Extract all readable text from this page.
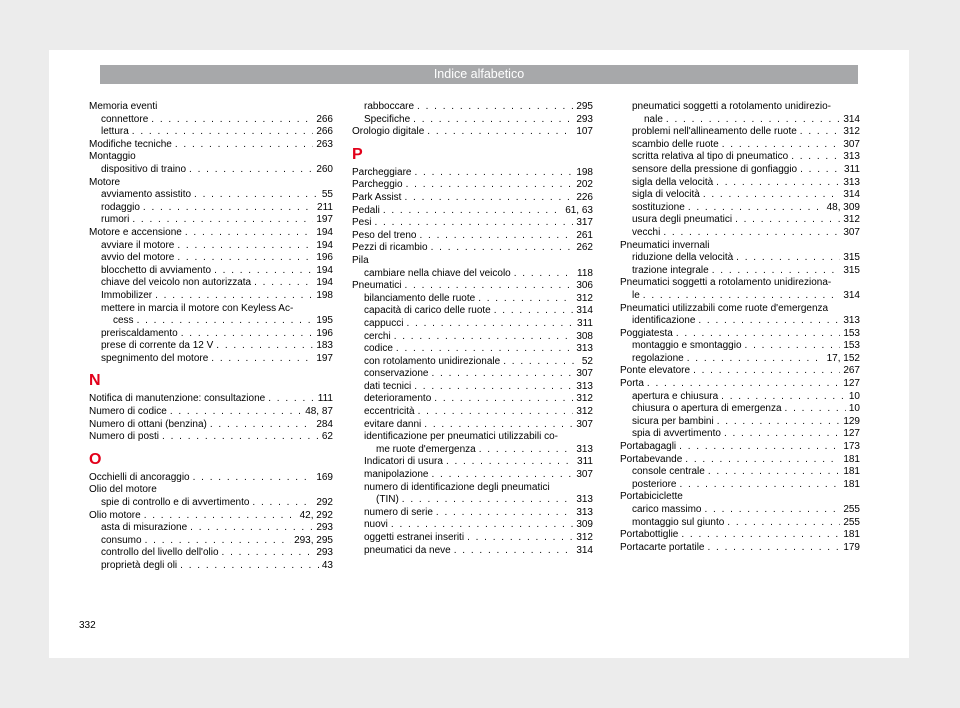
Indice alfabetico
Memoria eventi
connettore . . .	266
lettura . . .	266
Modifiche tecniche . . .	263
Montaggio
dispositivo di traino . . .	260
Motore
avviamento assistito . . .	55
rodaggio . . .	211
rumori . . .	197
Motore e accensione . . .	194
avviare il motore . . .	194
avvio del motore . . .	196
blocchetto di avviamento . . .	194
chiave del veicolo non autorizzata . . .	194
Immobilizer . . .	198
mettere in marcia il motore con Keyless Ac-
cess . . .	195
preriscaldamento . . .	196
prese di corrente da 12 V . . .	183
spegnimento del motore . . .	197
N
Notifica di manutenzione: consultazione . . .	111
Numero di codice . . .	48, 87
Numero di ottani (benzina) . . .	284
Numero di posti . . .	62
O
Occhielli di ancoraggio . . .	169
Olio del motore
spie di controllo e di avvertimento . . .	292
Olio motore . . .	42, 292
asta di misurazione . . .	293
consumo . . .	293, 295
controllo del livello dell'olio . . .	293
proprietà degli oli . . .	43
rabboccare . . .	295
Specifiche . . .	293
Orologio digitale . . .	107
P
Parcheggiare . . .	198
Parcheggio . . .	202
Park Assist . . .	226
Pedali . . .	61, 63
Pesi . . .	317
Peso del treno . . .	261
Pezzi di ricambio . . .	262
Pila
cambiare nella chiave del veicolo . . .	118
Pneumatici . . .	306
bilanciamento delle ruote . . .	312
capacità di carico delle ruote . . .	314
cappucci . . .	311
cerchi . . .	308
codice . . .	313
con rotolamento unidirezionale . . .	52
conservazione . . .	307
dati tecnici . . .	313
deterioramento . . .	312
eccentricità . . .	312
evitare danni . . .	307
identificazione per pneumatici utilizzabili co-
me ruote d'emergenza . . .	313
Indicatori di usura . . .	311
manipolazione . . .	307
numero di identificazione degli pneumatici
(TIN) . . .	313
numero di serie . . .	313
nuovi . . .	309
oggetti estranei inseriti . . .	312
pneumatici da neve . . .	314
pneumatici soggetti a rotolamento unidirezio-
nale . . .	314
problemi nell'allineamento delle ruote . . .	312
scambio delle ruote . . .	307
scritta relativa al tipo di pneumatico . . .	313
sensore della pressione di gonfiaggio . . .	311
sigla della velocità . . .	313
sigla di velocità . . .	314
sostituzione . . .	48, 309
usura degli pneumatici . . .	312
vecchi . . .	307
Pneumatici invernali
riduzione della velocità . . .	315
trazione integrale . . .	315
Pneumatici soggetti a rotolamento unidireziona-
le . . .	314
Pneumatici utilizzabili come ruote d'emergenza
identificazione . . .	313
Poggiatesta . . .	153
montaggio e smontaggio . . .	153
regolazione . . .	17, 152
Ponte elevatore . . .	267
Porta . . .	127
apertura e chiusura . . .	10
chiusura o apertura di emergenza . . .	10
sicura per bambini . . .	129
spia di avvertimento . . .	127
Portabagagli . . .	173
Portabevande . . .	181
console centrale . . .	181
posteriore . . .	181
Portabiciclette
carico massimo . . .	255
montaggio sul giunto . . .	255
Portabottiglie . . .	181
Portacarte portatile . . .	179
332
